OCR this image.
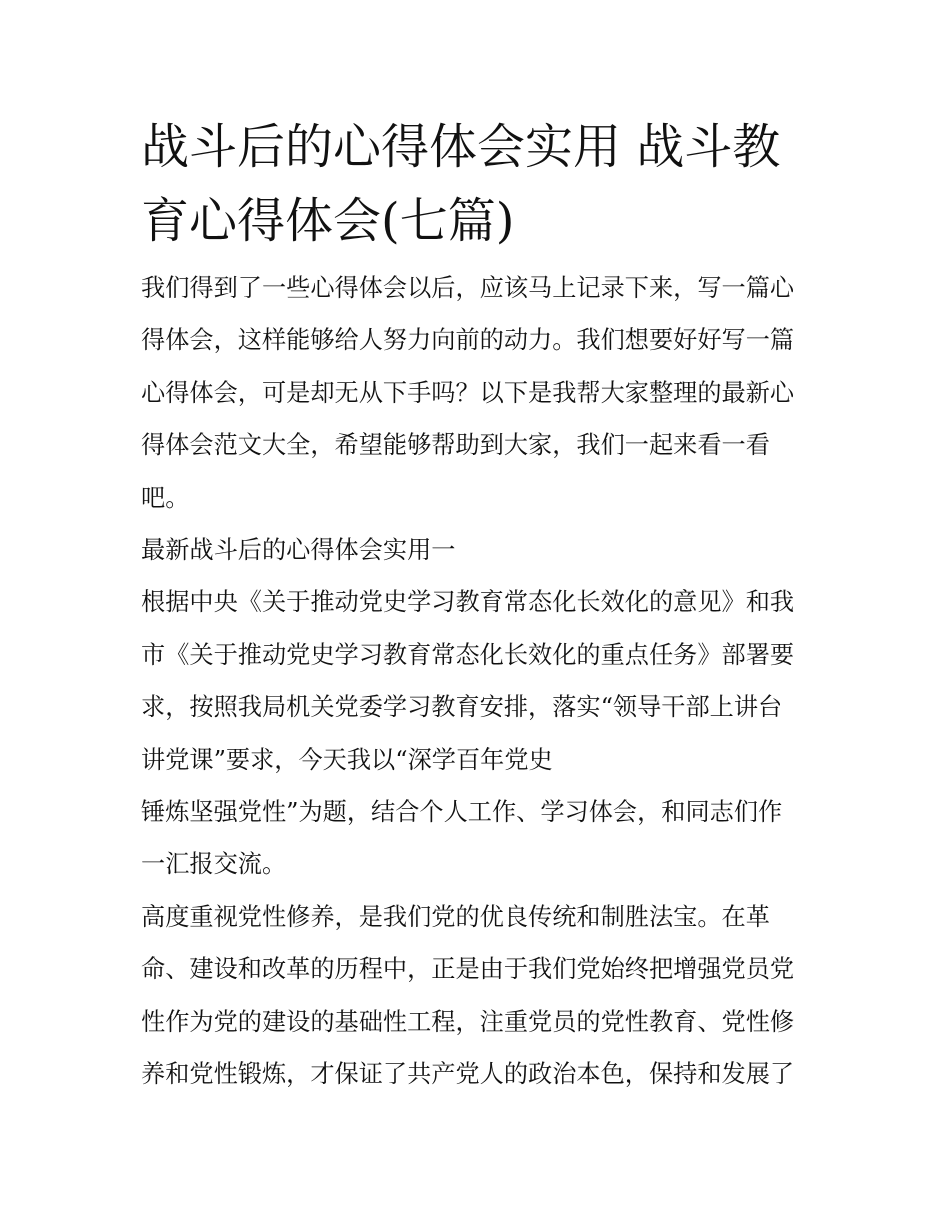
战斗后的心得体会实用 战斗教
育心得体会(七篇)

我们得到了一些心得体会以后，应该马上记录下来，写一篇心
得体会，这样能够给人努力向前的动力。我们想要好好写一篇
心得体会，可是却无从下手吗？以下是我帮大家整理的最新心
得体会范文大全，希望能够帮助到大家，我们一起来看一看
吧。

最新战斗后的心得体会实用一

根据中央《关于推动党史学习教育常态化长效化的意见》和我
市《关于推动党史学习教育常态化长效化的重点任务》部署要
求，按照我局机关党委学习教育安排，落实“领导干部上讲台
讲党课”要求，今天我以“深学百年党史

锤炼坚强党性”为题，结合个人工作、学习体会，和同志们作
一汇报交流。

高度重视党性修养，是我们党的优良传统和制胜法宝。在革
命、建设和改革的历程中，正是由于我们党始终把增强党员党
性作为党的建设的基础性工程，注重党员的党性教育、党性修
养和党性锻炼，才保证了共产党人的政治本色，保持和发展了
